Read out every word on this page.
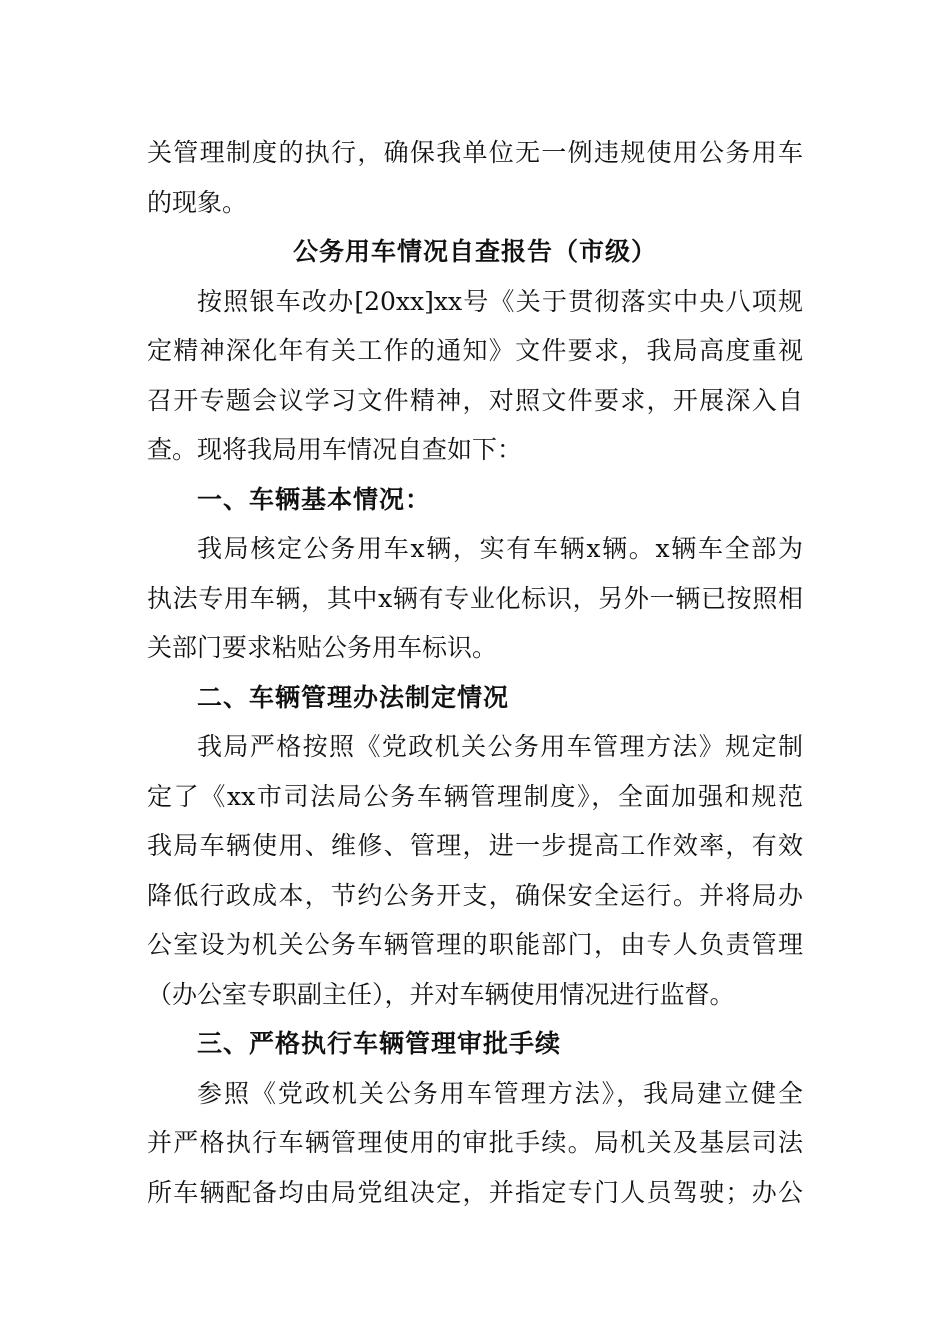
关管理制度的执行，确保我单位无一例违规使用公务用车
的现象。
公务用车情况自查报告（市级）
按照银车改办[20xx]xx号《关于贯彻落实中央八项规
定精神深化年有关工作的通知》文件要求，我局高度重视
召开专题会议学习文件精神，对照文件要求，开展深入自
查。现将我局用车情况自查如下：
一、车辆基本情况：
我局核定公务用车x辆，实有车辆x辆。x辆车全部为
执法专用车辆，其中x辆有专业化标识，另外一辆已按照相
关部门要求粘贴公务用车标识。
二、车辆管理办法制定情况
我局严格按照《党政机关公务用车管理方法》规定制
定了《xx市司法局公务车辆管理制度》，全面加强和规范
我局车辆使用、维修、管理，进一步提高工作效率，有效
降低行政成本，节约公务开支，确保安全运行。并将局办
公室设为机关公务车辆管理的职能部门，由专人负责管理
（办公室专职副主任），并对车辆使用情况进行监督。
三、严格执行车辆管理审批手续
参照《党政机关公务用车管理方法》，我局建立健全
并严格执行车辆管理使用的审批手续。局机关及基层司法
所车辆配备均由局党组决定，并指定专门人员驾驶；办公
